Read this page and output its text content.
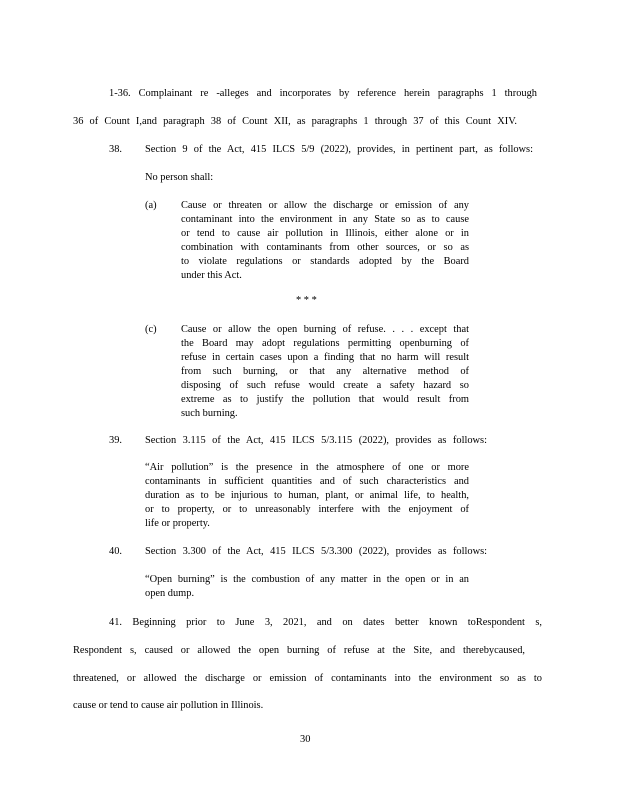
1-36. Complainant re -alleges and incorporates by reference herein paragraphs 1 through
36 of Count I,and paragraph 38 of Count XII, as paragraphs 1 through 37 of this Count XIV.
38. Section 9 of the Act, 415 ILCS 5/9 (2022), provides, in pertinent part, as follows:
No person shall:
(a) Cause or threaten or allow the discharge or emission of any
contaminant into the environment in any State so as to cause
or tend to cause air pollution in Illinois, either alone or in
combination with contaminants from other sources, or so as
to violate regulations or standards adopted by the Board
under this Act.
* * *
(c) Cause or allow the open burning of refuse. . . . except that
the Board may adopt regulations permitting openburning of
refuse in certain cases upon a finding that no harm will result
from such burning, or that any alternative method of
disposing of such refuse would create a safety hazard so
extreme as to justify the pollution that would result from
such burning.
39. Section 3.115 of the Act, 415 ILCS 5/3.115 (2022), provides as follows:
“Air pollution” is the presence in the atmosphere of one or more
contaminants in sufficient quantities and of such characteristics and
duration as to be injurious to human, plant, or animal life, to health,
or to property, or to unreasonably interfere with the enjoyment of
life or property.
40. Section 3.300 of the Act, 415 ILCS 5/3.300 (2022), provides as follows:
“Open burning” is the combustion of any matter in the open or in an
open dump.
41. Beginning prior to June 3, 2021, and on dates better known toRespondent s,
Respondent s, caused or allowed the open burning of refuse at the Site, and therebycaused,
threatened, or allowed the discharge or emission of contaminants into the environment so as to
cause or tend to cause air pollution in Illinois.
30
